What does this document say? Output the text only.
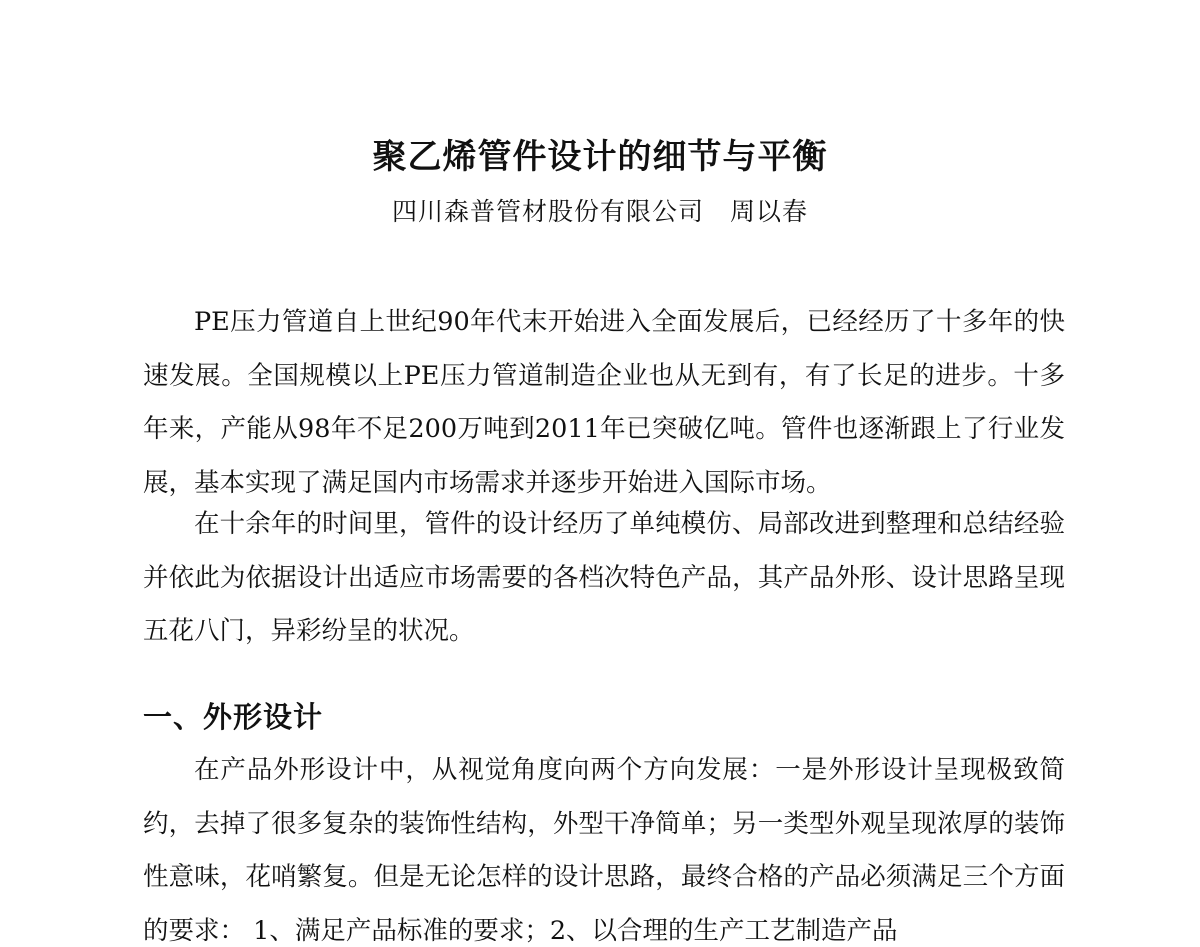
聚乙烯管件设计的细节与平衡
四川森普管材股份有限公司 周以春

PE压力管道自上世纪90年代末开始进入全面发展后，已经经历了十多年的快速发展。全国规模以上PE压力管道制造企业也从无到有，有了长足的进步。十多年来，产能从98年不足200万吨到2011年已突破亿吨。管件也逐渐跟上了行业发展，基本实现了满足国内市场需求并逐步开始进入国际市场。

在十余年的时间里，管件的设计经历了单纯模仿、局部改进到整理和总结经验并依此为依据设计出适应市场需要的各档次特色产品，其产品外形、设计思路呈现五花八门，异彩纷呈的状况。

一、外形设计

在产品外形设计中，从视觉角度向两个方向发展：一是外形设计呈现极致简约，去掉了很多复杂的装饰性结构，外型干净简单；另一类型外观呈现浓厚的装饰性意味，花哨繁复。但是无论怎样的设计思路，最终合格的产品必须满足三个方面的要求： 1、满足产品标准的要求；2、以合理的生产工艺制造产品
